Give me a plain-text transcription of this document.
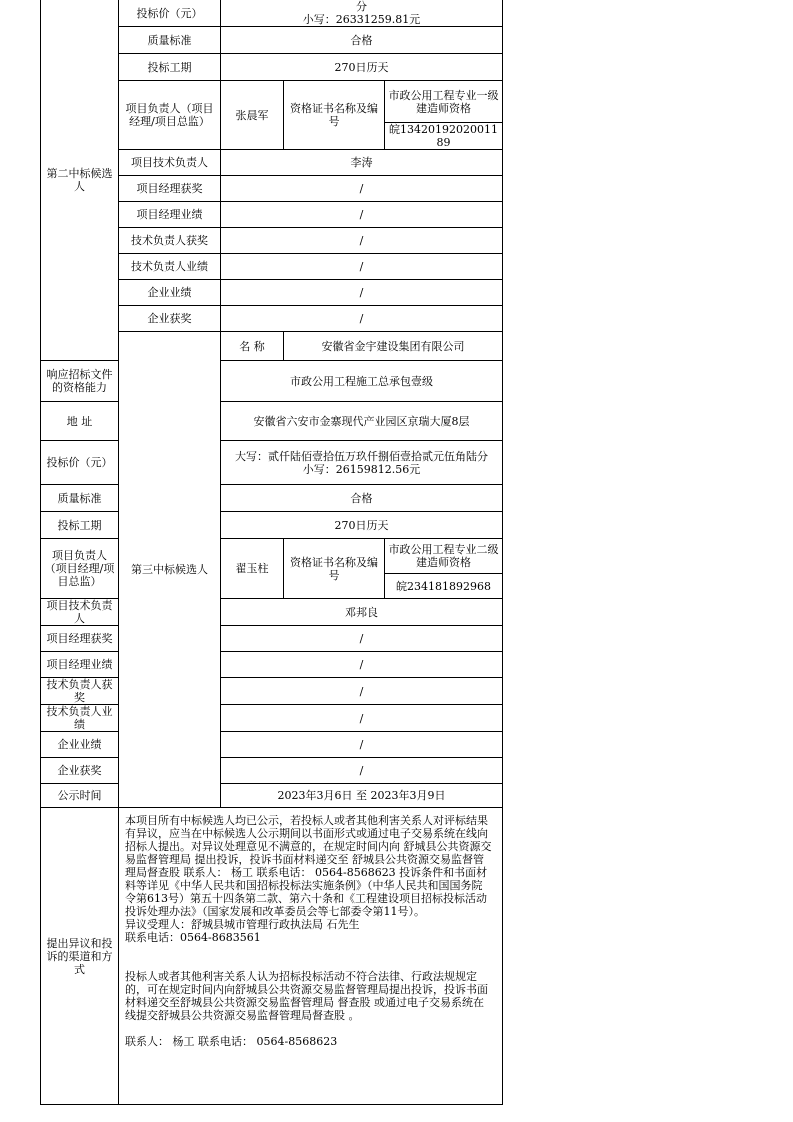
第二中标候选人	投标价（元）	分
小写：26331259.81元		

	质量标准	合格		
	投标工期	270日历天		
	项目负责人（项目经理/项目总监）	张晨军	资格证书名称及编号	市政公用工程专业一级建造师资格
				皖1342019202001189
	项目技术负责人	李涛		
	项目经理获奖	/		
	项目经理业绩	/		
	技术负责人获奖	/		
	技术负责人业绩	/		
	企业业绩	/		
	企业获奖	/		
	第三中标候选人	名 称	安徽省金宇建设集团有限公司	
响应招标文件的资格能力		市政公用工程施工总承包壹级		
地 址		安徽省六安市金寨现代产业园区京瑞大厦8层		
投标价（元）		大写：贰仟陆佰壹拾伍万玖仟捌佰壹拾贰元伍角陆分
小写：26159812.56元		

质量标准		合格		
投标工期		270日历天		
项目负责人（项目经理/项目总监）		翟玉柱	资格证书名称及编号	市政公用工程专业二级建造师资格
				皖234181892968
项目技术负责人		邓邦良		
项目经理获奖		/		
项目经理业绩		/		
技术负责人获奖		/		
技术负责人业绩		/		
企业业绩		/		
企业获奖		/		
公示时间		2023年3月6日 至 2023年3月9日		
提出异议和投诉的渠道和方式	本项目所有中标候选人均已公示，若投标人或者其他利害关系人对评标结果有异议，应当在中标候选人公示期间以书面形式或通过电子交易系统在线向招标人提出。对异议处理意见不满意的，在规定时间内向 舒城县公共资源交易监督管理局 提出投诉，投诉书面材料递交至 舒城县公共资源交易监督管理局督查股 联系人： 杨工 联系电话： 0564-8568623 投诉条件和书面材料等详见《中华人民共和国招标投标法实施条例》（中华人民共和国国务院令第613号）第五十四条第二款、第六十条和《工程建设项目招标投标活动投诉处理办法》（国家发展和改革委员会等七部委令第11号）。
异议受理人：舒城县城市管理行政执法局 石先生
联系电话：0564-8683561
投标人或者其他利害关系人认为招标投标活动不符合法律、行政法规规定的，可在规定时间内向舒城县公共资源交易监督管理局提出投诉，投诉书面材料递交至舒城县公共资源交易监督管理局 督查股 或通过电子交易系统在线提交舒城县公共资源交易监督管理局督查股 。
联系人： 杨工 联系电话： 0564-8568623			
